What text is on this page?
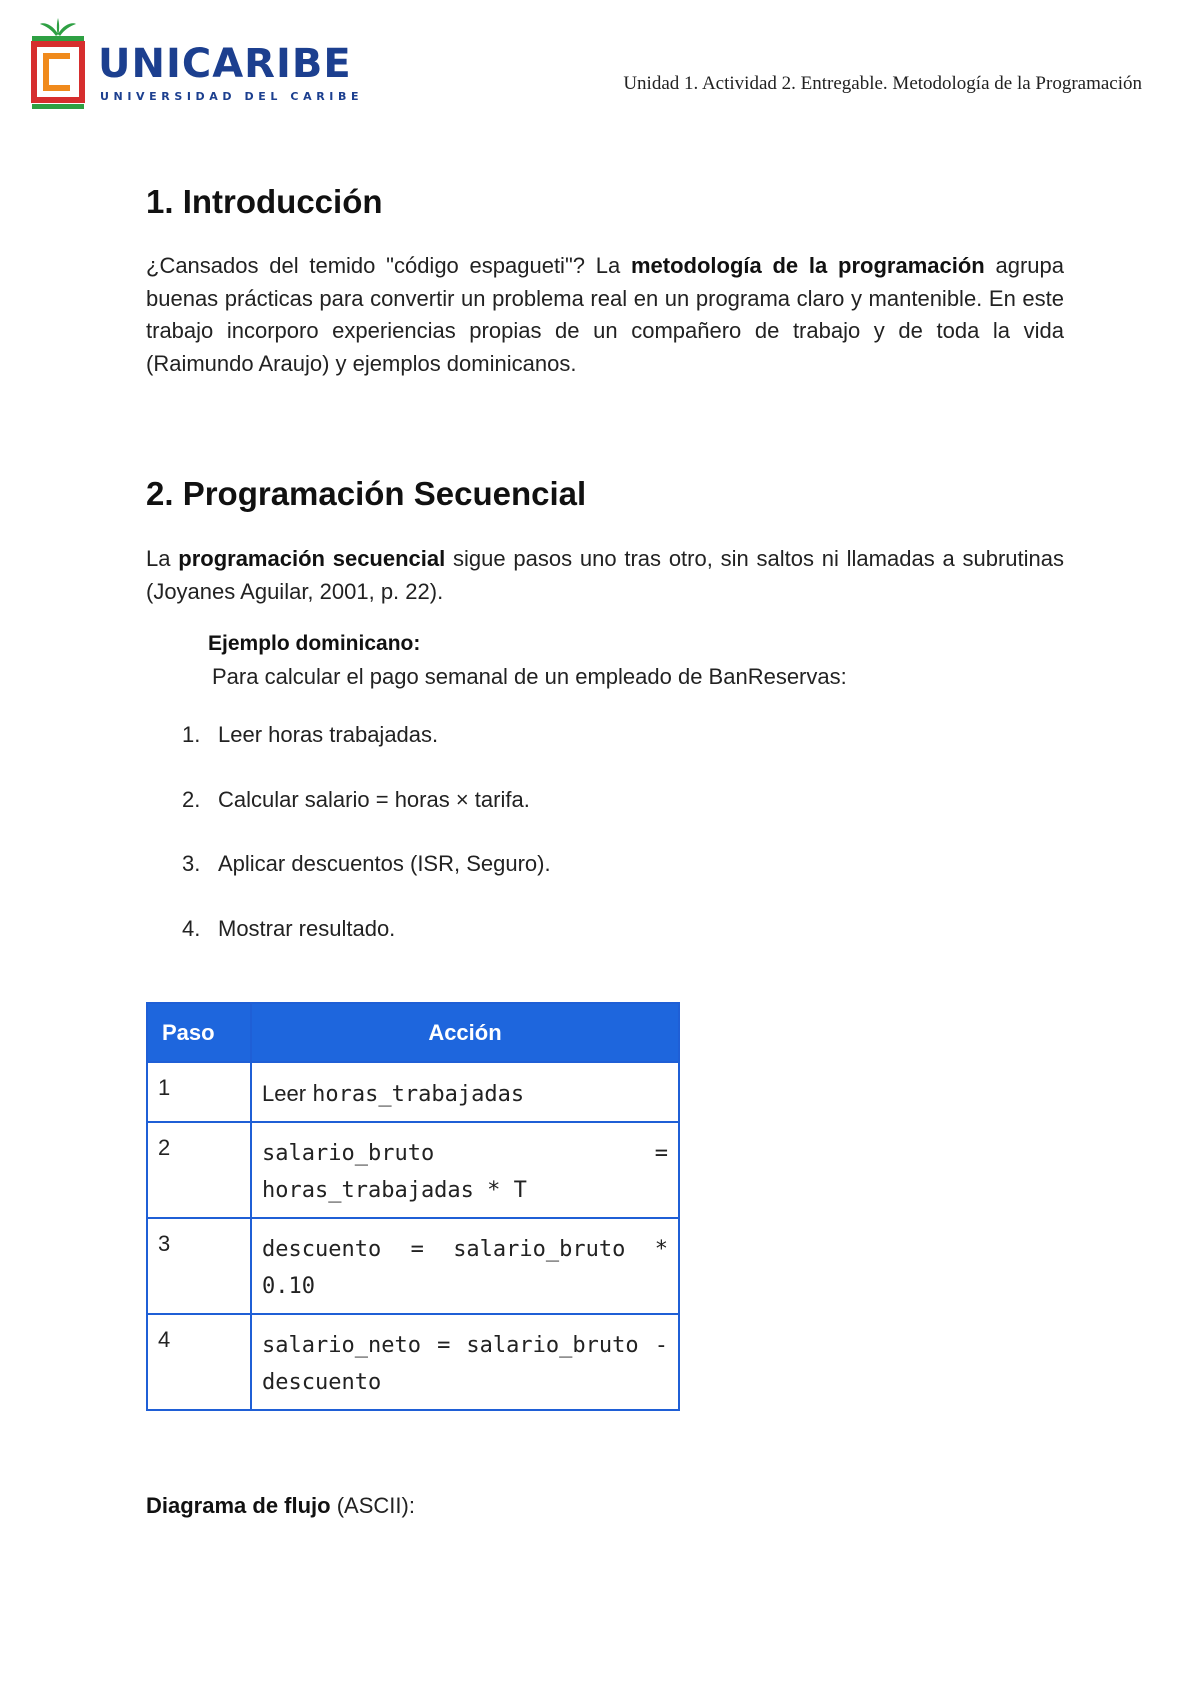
UNICARIBE
UNIVERSIDAD DEL CARIBE
Unidad 1. Actividad 2. Entregable. Metodología de la Programación
1. Introducción

¿Cansados del temido "código espagueti"? La metodología de la programación agrupa buenas prácticas para convertir un problema real en un programa claro y mantenible. En este trabajo incorporo experiencias propias de un compañero de trabajo y de toda la vida (Raimundo Araujo) y ejemplos dominicanos.

2. Programación Secuencial

La programación secuencial sigue pasos uno tras otro, sin saltos ni llamadas a subrutinas (Joyanes Aguilar, 2001, p. 22).

Ejemplo dominicano:
Para calcular el pago semanal de un empleado de BanReservas:
1. Leer horas trabajadas.
2. Calcular salario = horas × tarifa.
3. Aplicar descuentos (ISR, Seguro).
4. Mostrar resultado.
Paso	Acción
1	Leer horas_trabajadas
2	salario_bruto = horas_trabajadas * T
3	descuento = salario_bruto * 0.10
4	salario_neto = salario_bruto - descuento
Diagrama de flujo (ASCII):
